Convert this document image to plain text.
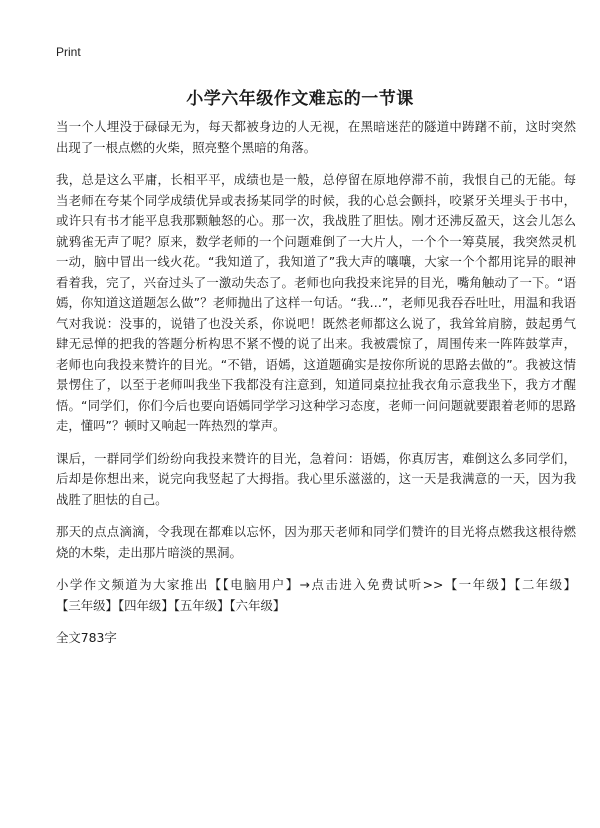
Print
小学六年级作文难忘的一节课

当一个人埋没于碌碌无为，每天都被身边的人无视，在黑暗迷茫的隧道中踌躇不前，这时突然出现了一根点燃的火柴，照亮整个黑暗的角落。

我，总是这么平庸，长相平平，成绩也是一般，总停留在原地停滞不前，我恨自己的无能。每当老师在夸某个同学成绩优异或表扬某同学的时候，我的心总会颤抖，咬紧牙关埋头于书中，或许只有书才能平息我那颗触怒的心。那一次，我战胜了胆怯。刚才还沸反盈天，这会儿怎么就鸦雀无声了呢？原来，数学老师的一个问题难倒了一大片人，一个个一筹莫展，我突然灵机一动，脑中冒出一线火花。“我知道了，我知道了”我大声的嚷嚷，大家一个个都用诧异的眼神看着我，完了，兴奋过头了一激动失态了。老师也向我投来诧异的目光，嘴角触动了一下。“语嫣，你知道这道题怎么做”？老师抛出了这样一句话。“我…”，老师见我吞吞吐吐，用温和我语气对我说：没事的，说错了也没关系，你说吧！既然老师都这么说了，我耸耸肩膀，鼓起勇气肆无忌惮的把我的答题分析构思不紧不慢的说了出来。我被震惊了，周围传来一阵阵鼓掌声，老师也向我投来赞许的目光。“不错，语嫣，这道题确实是按你所说的思路去做的”。我被这情景愣住了，以至于老师叫我坐下我都没有注意到，知道同桌拉扯我衣角示意我坐下，我方才醒悟。“同学们，你们今后也要向语嫣同学学习这种学习态度，老师一问问题就要跟着老师的思路走，懂吗”？顿时又响起一阵热烈的掌声。

课后，一群同学们纷纷向我投来赞许的目光，急着问：语嫣，你真厉害，难倒这么多同学们，后却是你想出来，说完向我竖起了大拇指。我心里乐滋滋的，这一天是我满意的一天，因为我战胜了胆怯的自己。

那天的点点滴滴，令我现在都难以忘怀，因为那天老师和同学们赞许的目光将点燃我这根待燃烧的木柴，走出那片暗淡的黑洞。

小学作文频道为大家推出【【电脑用户】→点击进入免费试听>>【一年级】【二年级】【三年级】【四年级】【五年级】【六年级】

全文783字
